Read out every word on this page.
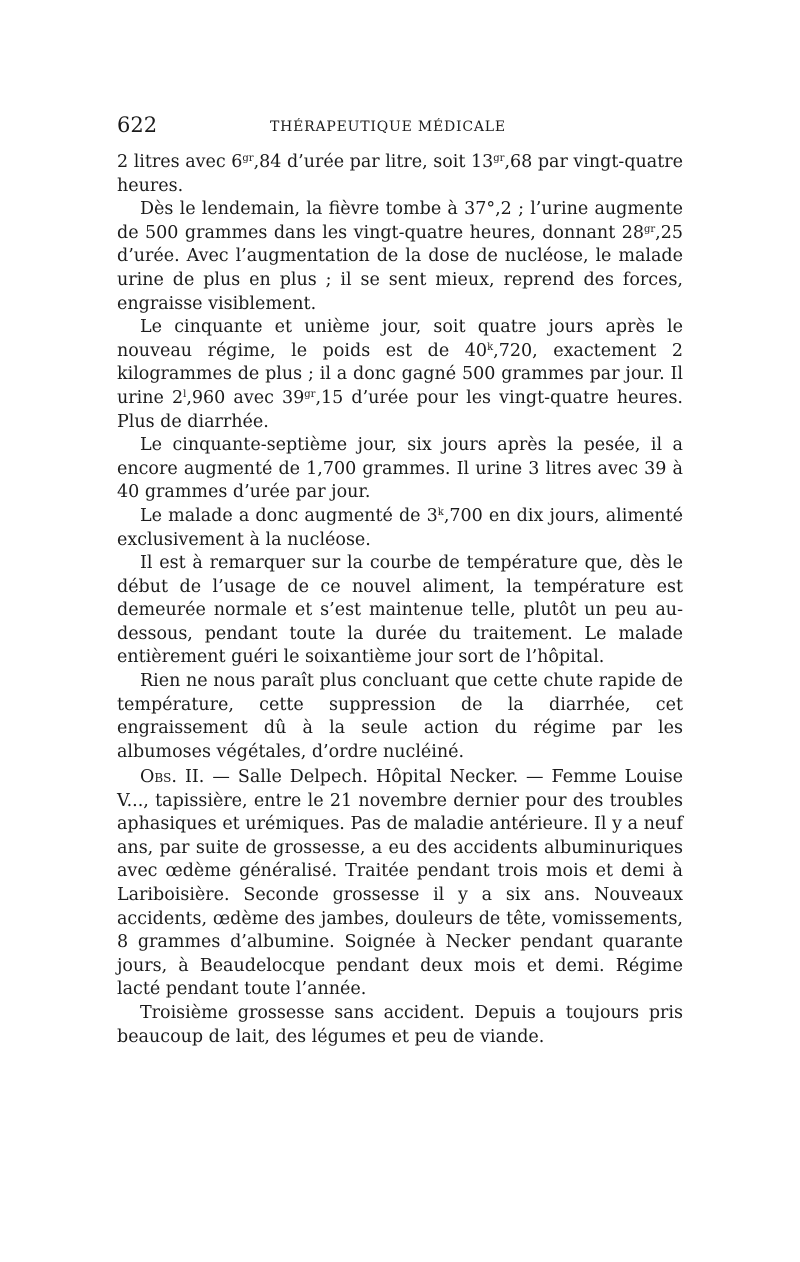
622	THÉRAPEUTIQUE MÉDICALE

2 litres avec $6^{gr},84$ d’urée par litre, soit $13^{gr},68$ par vingt-quatre heures.

Dès le lendemain, la fièvre tombe à 37°,2 ; l’urine augmente de 500 grammes dans les vingt-quatre heures, donnant $28^{gr},25$ d’urée. Avec l’augmentation de la dose de nucléose, le malade urine de plus en plus ; il se sent mieux, reprend des forces, engraisse visiblement.

Le cinquante et unième jour, soit quatre jours après le nouveau régime, le poids est de 40$^k$,720, exactement 2 kilogrammes de plus ; il a donc gagné 500 grammes par jour. Il urine 2$^l$,960 avec $39^{gr},15$ d’urée pour les vingt-quatre heures. Plus de diarrhée.

Le cinquante-septième jour, six jours après la pesée, il a encore augmenté de 1,700 grammes. Il urine 3 litres avec 39 à 40 grammes d’urée par jour.

Le malade a donc augmenté de 3$^k$,700 en dix jours, alimenté exclusivement à la nucléose.

Il est à remarquer sur la courbe de température que, dès le début de l’usage de ce nouvel aliment, la température est demeurée normale et s’est maintenue telle, plutôt un peu au-dessous, pendant toute la durée du traitement. Le malade entièrement guéri le soixantième jour sort de l’hôpital.

Rien ne nous paraît plus concluant que cette chute rapide de température, cette suppression de la diarrhée, cet engraissement dû à la seule action du régime par les albumoses végétales, d’ordre nucléiné.

Obs. II. — Salle Delpech. Hôpital Necker. — Femme Louise V..., tapissière, entre le 21 novembre dernier pour des troubles aphasiques et urémiques. Pas de maladie antérieure. Il y a neuf ans, par suite de grossesse, a eu des accidents albuminuriques avec œdème généralisé. Traitée pendant trois mois et demi à Lariboisière. Seconde grossesse il y a six ans. Nouveaux accidents, œdème des jambes, douleurs de tête, vomissements, 8 grammes d’albumine. Soignée à Necker pendant quarante jours, à Beaudelocque pendant deux mois et demi. Régime lacté pendant toute l’année.

Troisième grossesse sans accident. Depuis a toujours pris beaucoup de lait, des légumes et peu de viande.
